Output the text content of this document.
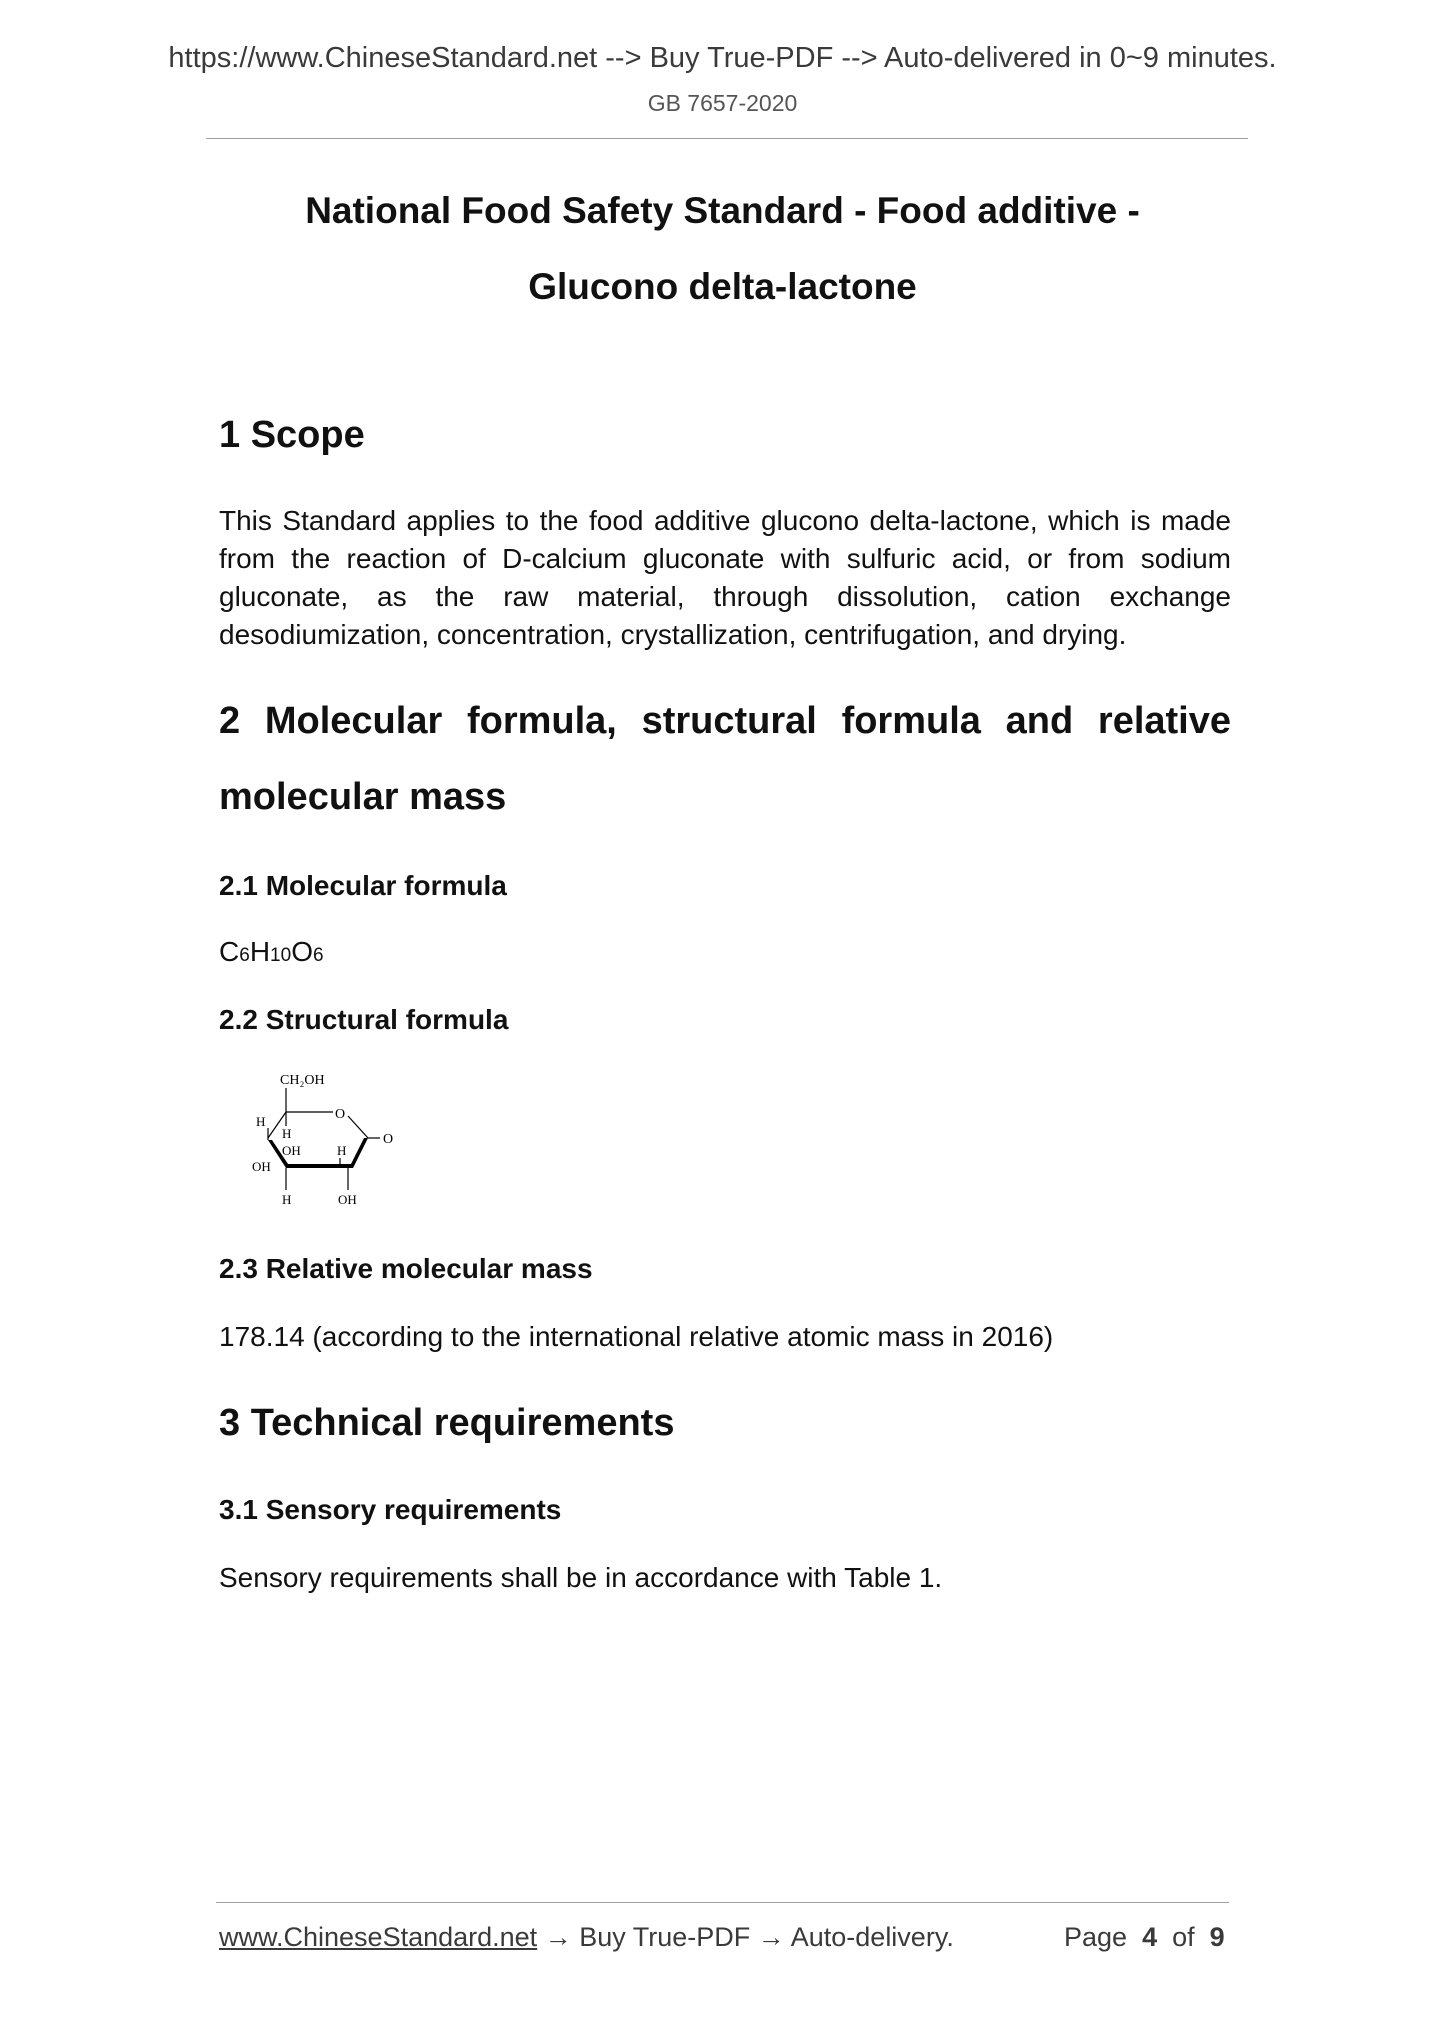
https://www.ChineseStandard.net --> Buy True-PDF --> Auto-delivered in 0~9 minutes.
GB 7657-2020
National Food Safety Standard - Food additive -
Glucono delta-lactone
1 Scope
This Standard applies to the food additive glucono delta-lactone, which is made
from the reaction of D-calcium gluconate with sulfuric acid, or from sodium
gluconate, as the raw material, through dissolution, cation exchange
desodiumization, concentration, crystallization, centrifugation, and drying.
2 Molecular formula, structural formula and relative
molecular mass
2.1 Molecular formula
C6H10O6
2.2 Structural formula
CH₂OH
O
O
H
H
OH	H
OH
H	OH
2.3 Relative molecular mass
178.14 (according to the international relative atomic mass in 2016)
3 Technical requirements
3.1 Sensory requirements
Sensory requirements shall be in accordance with Table 1.
www.ChineseStandard.net → Buy True-PDF → Auto-delivery.	Page 4 of 9
